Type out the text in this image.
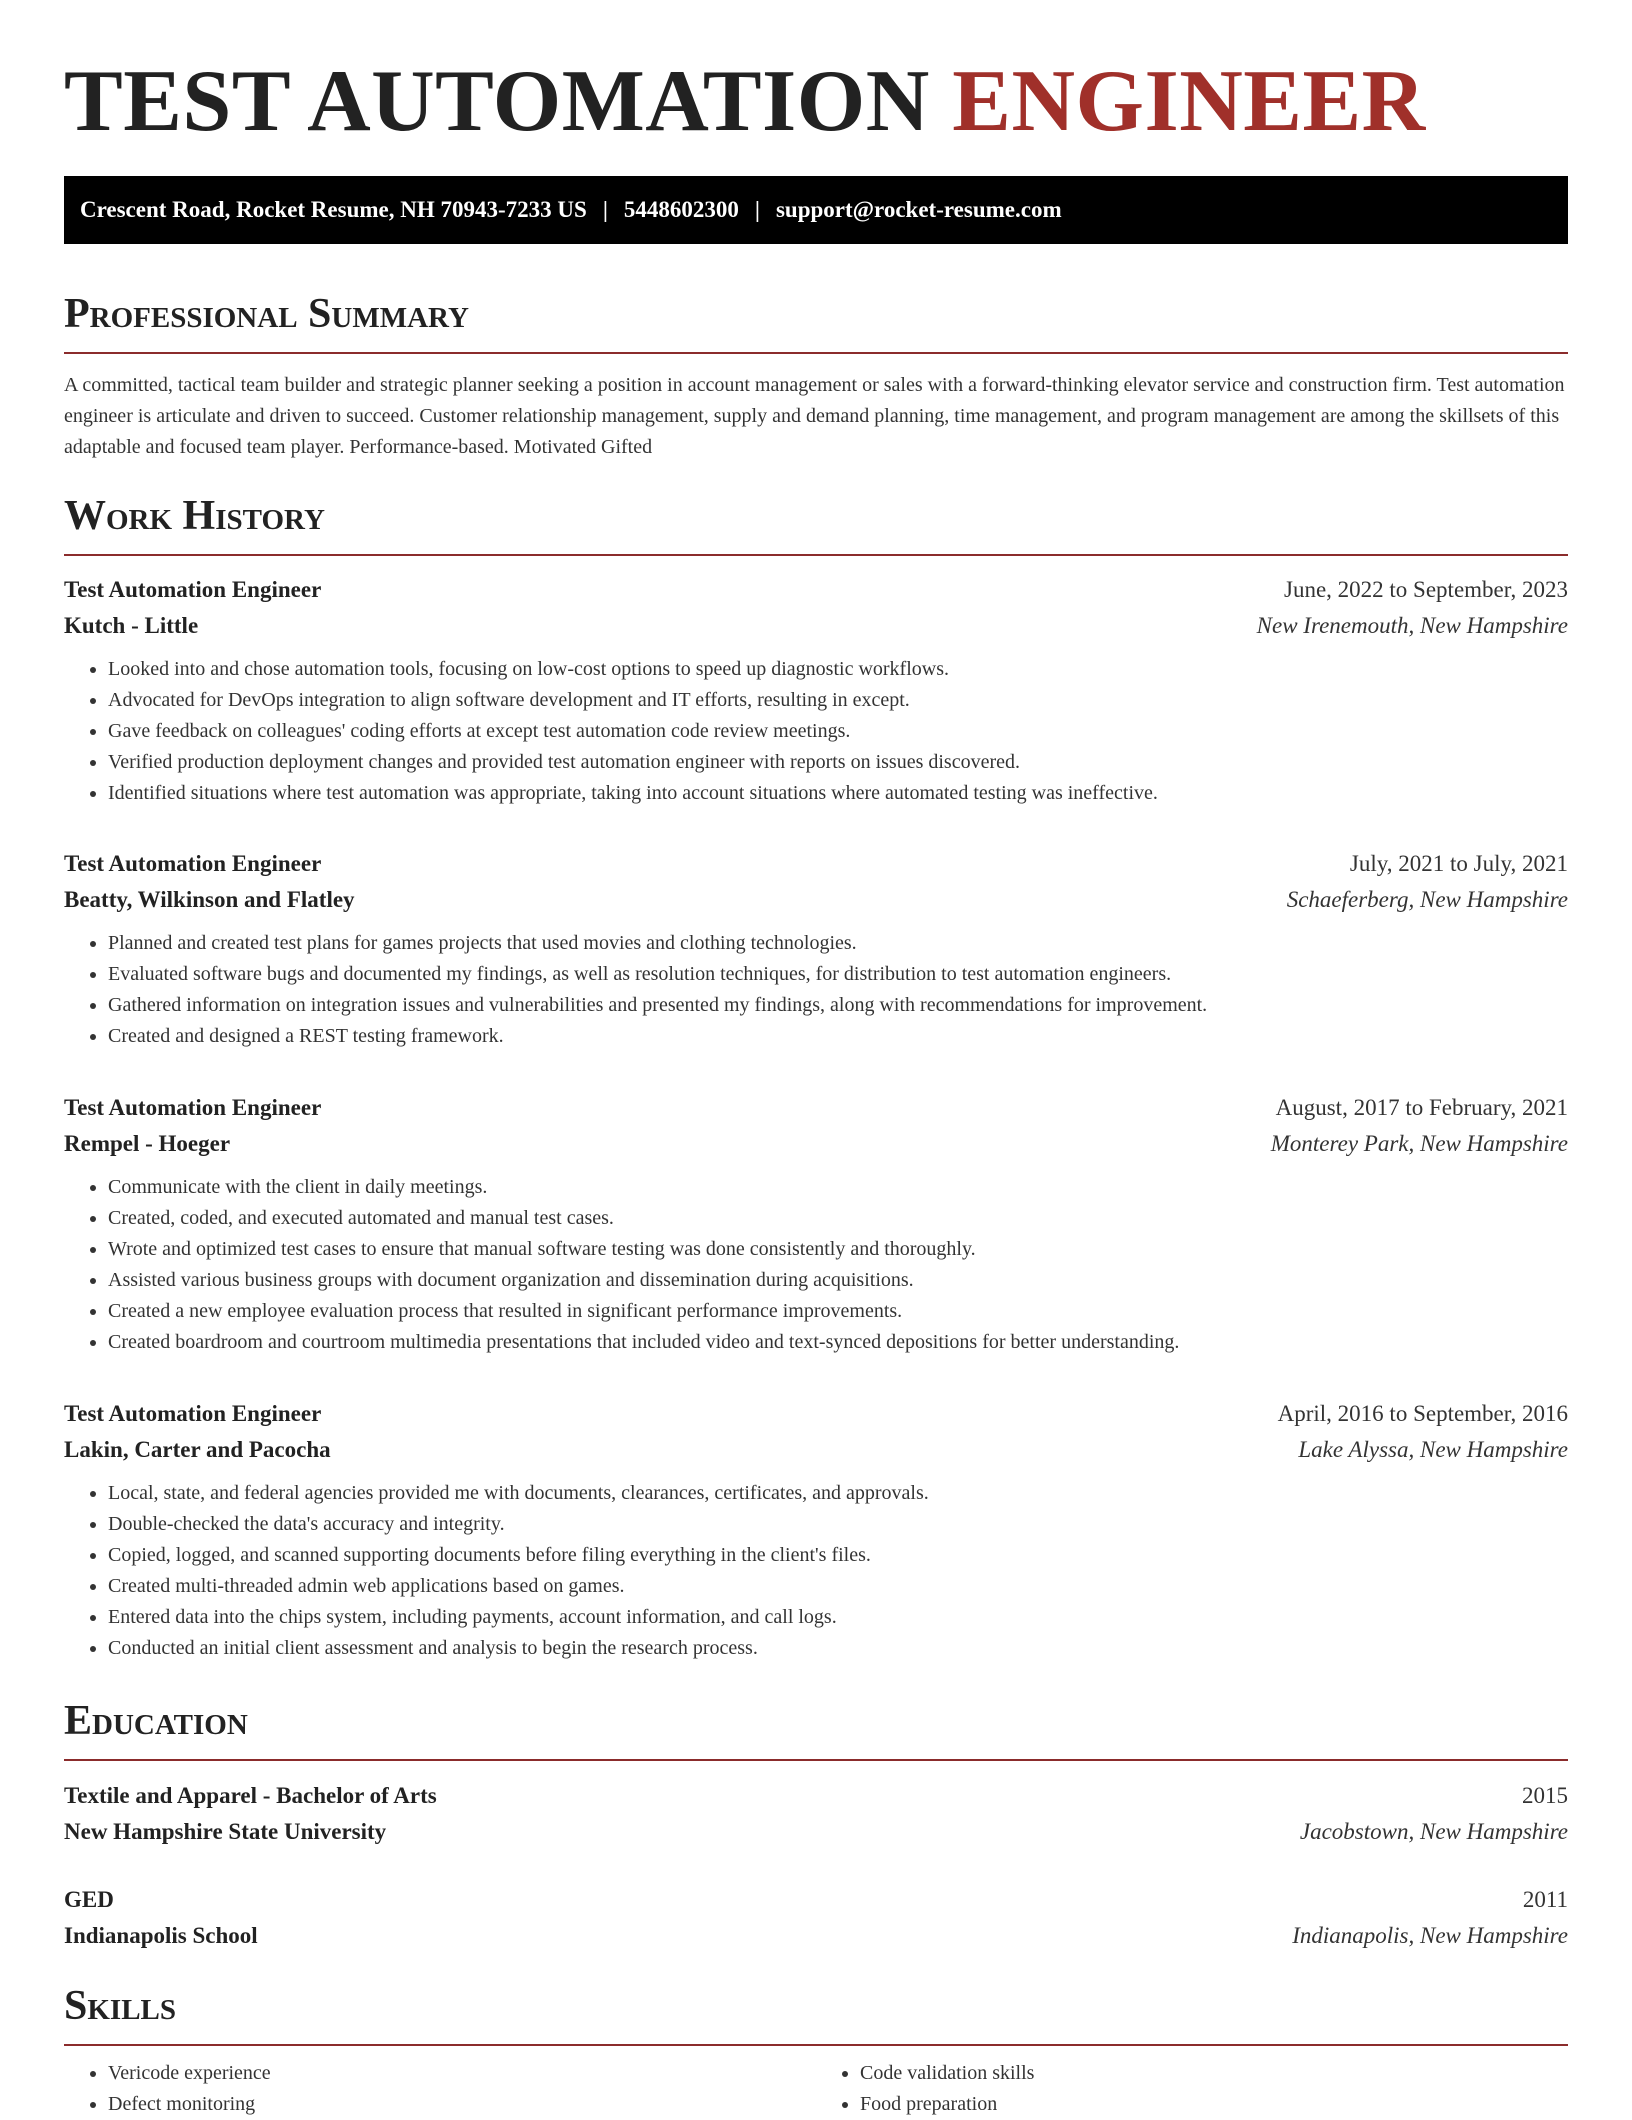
TEST AUTOMATION ENGINEER
Crescent Road, Rocket Resume, NH 70943-7233 US | 5448602300 | support@rocket-resume.com
Professional Summary
A committed, tactical team builder and strategic planner seeking a position in account management or sales with a forward-thinking elevator service and construction firm. Test automation engineer is articulate and driven to succeed. Customer relationship management, supply and demand planning, time management, and program management are among the skillsets of this adaptable and focused team player. Performance-based. Motivated Gifted
Work History
Test Automation Engineer	June, 2022 to September, 2023
Kutch - Little	New Irenemouth, New Hampshire
• Looked into and chose automation tools, focusing on low-cost options to speed up diagnostic workflows.
• Advocated for DevOps integration to align software development and IT efforts, resulting in except.
• Gave feedback on colleagues' coding efforts at except test automation code review meetings.
• Verified production deployment changes and provided test automation engineer with reports on issues discovered.
• Identified situations where test automation was appropriate, taking into account situations where automated testing was ineffective.
Test Automation Engineer	July, 2021 to July, 2021
Beatty, Wilkinson and Flatley	Schaeferberg, New Hampshire
• Planned and created test plans for games projects that used movies and clothing technologies.
• Evaluated software bugs and documented my findings, as well as resolution techniques, for distribution to test automation engineers.
• Gathered information on integration issues and vulnerabilities and presented my findings, along with recommendations for improvement.
• Created and designed a REST testing framework.
Test Automation Engineer	August, 2017 to February, 2021
Rempel - Hoeger	Monterey Park, New Hampshire
• Communicate with the client in daily meetings.
• Created, coded, and executed automated and manual test cases.
• Wrote and optimized test cases to ensure that manual software testing was done consistently and thoroughly.
• Assisted various business groups with document organization and dissemination during acquisitions.
• Created a new employee evaluation process that resulted in significant performance improvements.
• Created boardroom and courtroom multimedia presentations that included video and text-synced depositions for better understanding.
Test Automation Engineer	April, 2016 to September, 2016
Lakin, Carter and Pacocha	Lake Alyssa, New Hampshire
• Local, state, and federal agencies provided me with documents, clearances, certificates, and approvals.
• Double-checked the data's accuracy and integrity.
• Copied, logged, and scanned supporting documents before filing everything in the client's files.
• Created multi-threaded admin web applications based on games.
• Entered data into the chips system, including payments, account information, and call logs.
• Conducted an initial client assessment and analysis to begin the research process.
Education
Textile and Apparel - Bachelor of Arts	2015
New Hampshire State University	Jacobstown, New Hampshire
GED	2011
Indianapolis School	Indianapolis, New Hampshire
Skills
• Vericode experience
• Defect monitoring
• Code validation skills
• Food preparation
